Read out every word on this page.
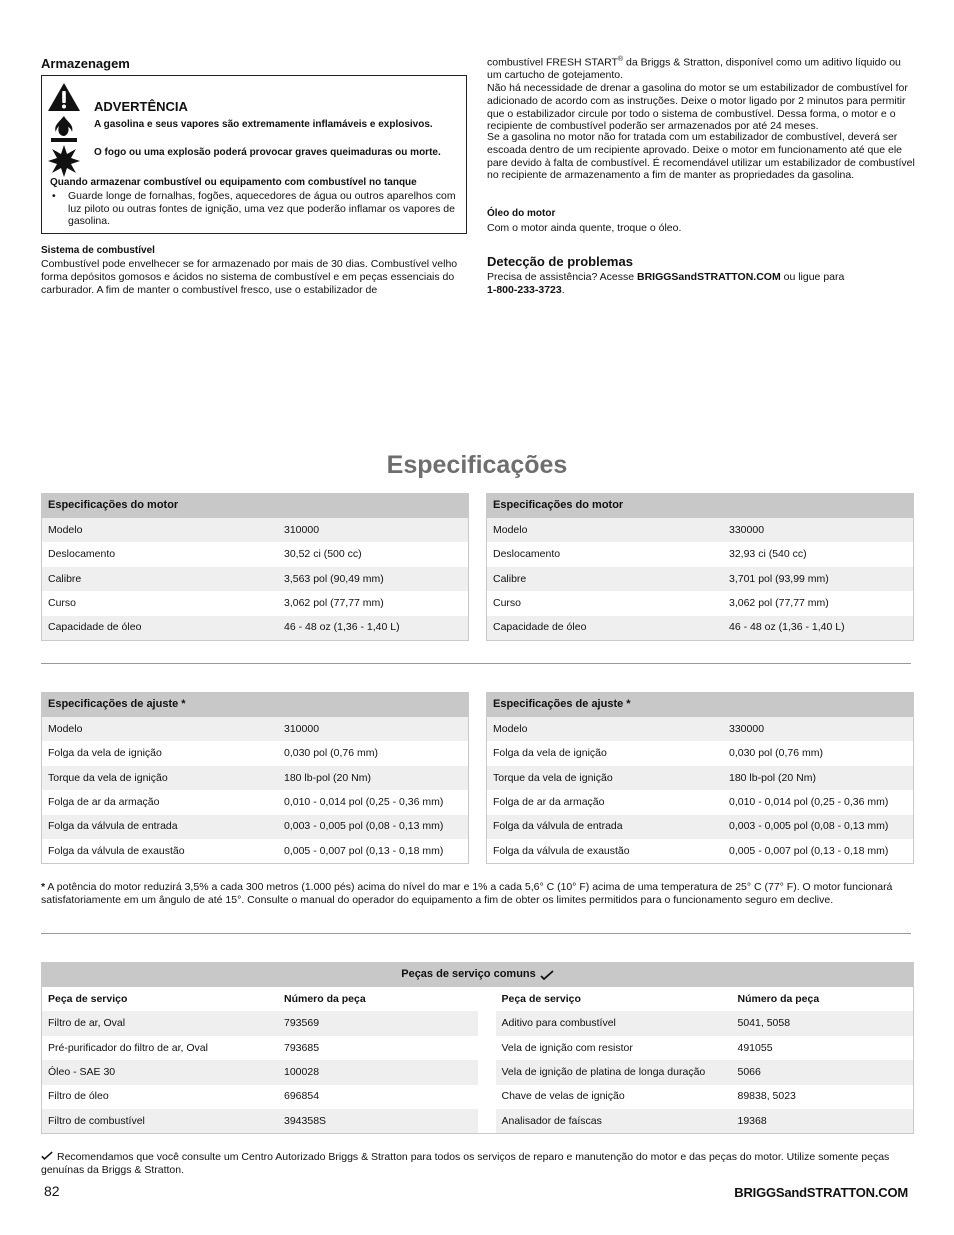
Armazenagem
ADVERTÊNCIA
A gasolina e seus vapores são extremamente inflamáveis e explosivos.
O fogo ou uma explosão poderá provocar graves queimaduras ou morte.
Quando armazenar combustível ou equipamento com combustível no tanque
•	Guarde longe de fornalhas, fogões, aquecedores de água ou outros aparelhos com luz piloto ou outras fontes de ignição, uma vez que poderão inflamar os vapores de gasolina.
Sistema de combustível

Combustível pode envelhecer se for armazenado por mais de 30 dias. Combustível velho forma depósitos gomosos e ácidos no sistema de combustível e em peças essenciais do carburador. A fim de manter o combustível fresco, use o estabilizador de

combustível FRESH START® da Briggs & Stratton, disponível como um aditivo líquido ou um cartucho de gotejamento.

Não há necessidade de drenar a gasolina do motor se um estabilizador de combustível for adicionado de acordo com as instruções. Deixe o motor ligado por 2 minutos para permitir que o estabilizador circule por todo o sistema de combustível. Dessa forma, o motor e o recipiente de combustível poderão ser armazenados por até 24 meses.

Se a gasolina no motor não for tratada com um estabilizador de combustível, deverá ser escoada dentro de um recipiente aprovado. Deixe o motor em funcionamento até que ele pare devido à falta de combustível. É recomendável utilizar um estabilizador de combustível no recipiente de armazenamento a fim de manter as propriedades da gasolina.

Óleo do motor

Com o motor ainda quente, troque o óleo.

Detecção de problemas

Precisa de assistência? Acesse BRIGGSandSTRATTON.COM ou ligue para
1-800-233-3723.

Especificações
Especificações do motor
Modelo	310000
Deslocamento	30,52 ci (500 cc)
Calibre	3,563 pol (90,49 mm)
Curso	3,062 pol (77,77 mm)
Capacidade de óleo	46 - 48 oz (1,36 - 1,40 L)
Especificações do motor
Modelo	330000
Deslocamento	32,93 ci (540 cc)
Calibre	3,701 pol (93,99 mm)
Curso	3,062 pol (77,77 mm)
Capacidade de óleo	46 - 48 oz (1,36 - 1,40 L)
Especificações de ajuste *
Modelo	310000
Folga da vela de ignição	0,030 pol (0,76 mm)
Torque da vela de ignição	180 lb-pol (20 Nm)
Folga de ar da armação	0,010 - 0,014 pol (0,25 - 0,36 mm)
Folga da válvula de entrada	0,003 - 0,005 pol (0,08 - 0,13 mm)
Folga da válvula de exaustão	0,005 - 0,007 pol (0,13 - 0,18 mm)
Especificações de ajuste *
Modelo	330000
Folga da vela de ignição	0,030 pol (0,76 mm)
Torque da vela de ignição	180 lb-pol (20 Nm)
Folga de ar da armação	0,010 - 0,014 pol (0,25 - 0,36 mm)
Folga da válvula de entrada	0,003 - 0,005 pol (0,08 - 0,13 mm)
Folga da válvula de exaustão	0,005 - 0,007 pol (0,13 - 0,18 mm)

* A potência do motor reduzirá 3,5% a cada 300 metros (1.000 pés) acima do nível do mar e 1% a cada 5,6° C (10° F) acima de uma temperatura de 25° C (77° F). O motor funcionará satisfatoriamente em um ângulo de até 15°. Consulte o manual do operador do equipamento a fim de obter os limites permitidos para o funcionamento seguro em declive.

Peças de serviço comuns
Peça de serviço	Número da peça
Filtro de ar, Oval	793569
Pré-purificador do filtro de ar, Oval	793685
Óleo - SAE 30	100028
Filtro de óleo	696854
Filtro de combustível	394358S
Peça de serviço	Número da peça
Aditivo para combustível	5041, 5058
Vela de ignição com resistor	491055
Vela de ignição de platina de longa duração	5066
Chave de velas de ignição	89838, 5023
Analisador de faíscas	19368

Recomendamos que você consulte um Centro Autorizado Briggs & Stratton para todos os serviços de reparo e manutenção do motor e das peças do motor. Utilize somente peças genuínas da Briggs & Stratton.

82	BRIGGSandSTRATTON.COM
